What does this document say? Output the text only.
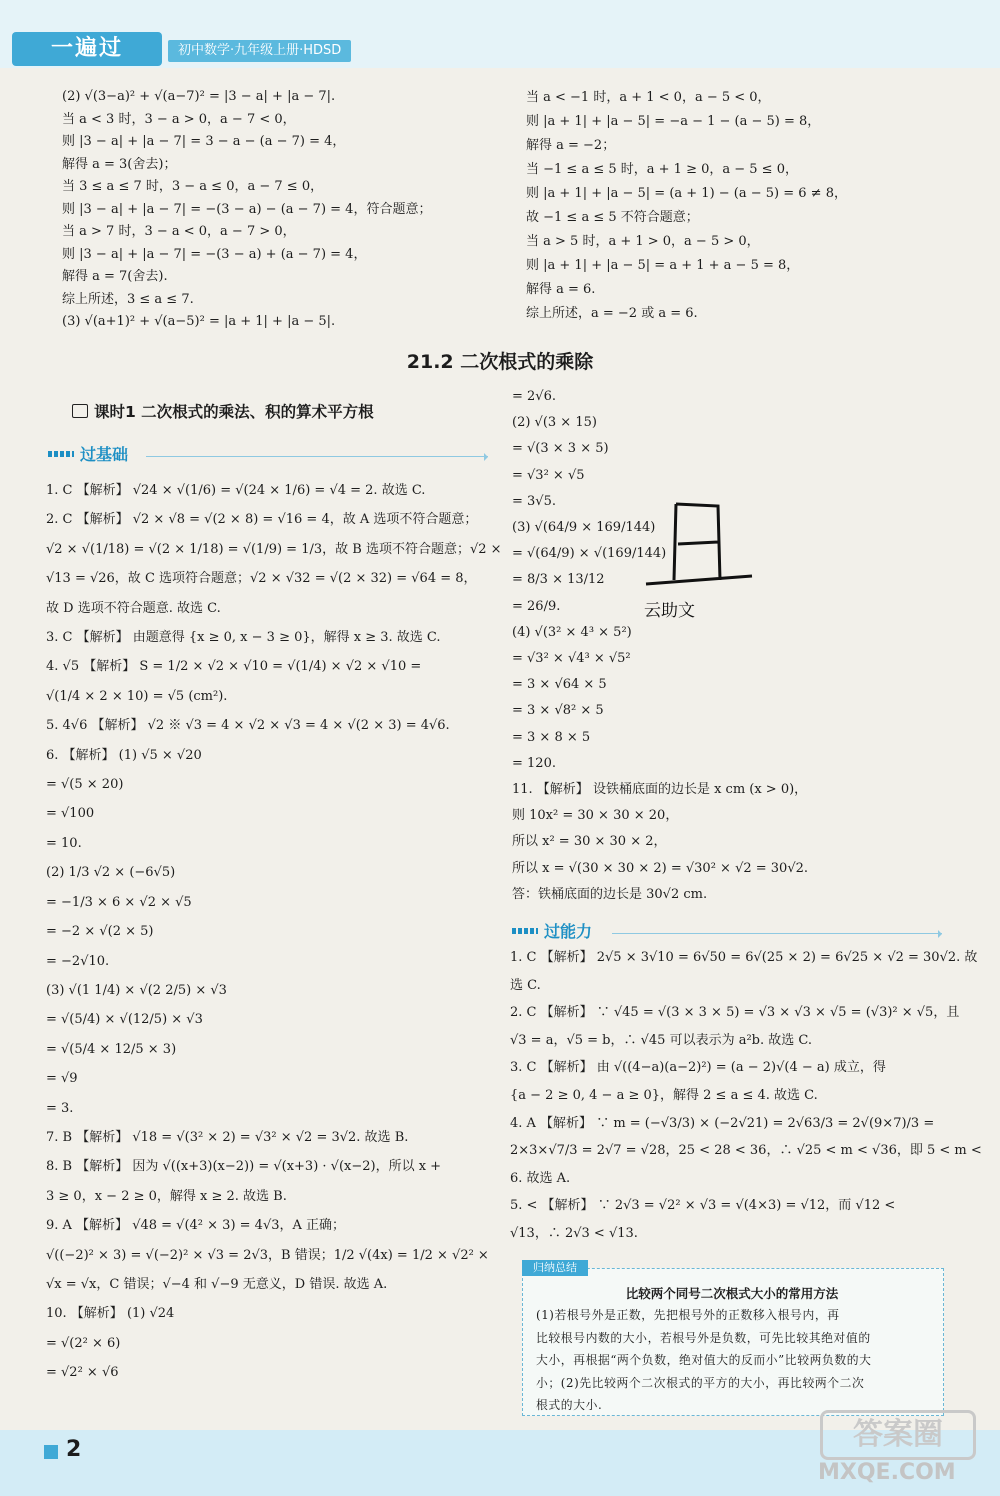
一遍过	初中数学·九年级上册·HDSD
(2) √(3−a)² + √(a−7)² = |3 − a| + |a − 7|.
当 a < 3 时，3 − a > 0，a − 7 < 0，
则 |3 − a| + |a − 7| = 3 − a − (a − 7) = 4，
解得 a = 3(舍去)；
当 3 ≤ a ≤ 7 时，3 − a ≤ 0，a − 7 ≤ 0，
则 |3 − a| + |a − 7| = −(3 − a) − (a − 7) = 4，符合题意；
当 a > 7 时，3 − a < 0，a − 7 > 0，
则 |3 − a| + |a − 7| = −(3 − a) + (a − 7) = 4，
解得 a = 7(舍去).
综上所述，3 ≤ a ≤ 7.
(3) √(a+1)² + √(a−5)² = |a + 1| + |a − 5|.
当 a < −1 时，a + 1 < 0，a − 5 < 0，
则 |a + 1| + |a − 5| = −a − 1 − (a − 5) = 8，
解得 a = −2；
当 −1 ≤ a ≤ 5 时，a + 1 ≥ 0，a − 5 ≤ 0，
则 |a + 1| + |a − 5| = (a + 1) − (a − 5) = 6 ≠ 8，
故 −1 ≤ a ≤ 5 不符合题意；
当 a > 5 时，a + 1 > 0，a − 5 > 0，
则 |a + 1| + |a − 5| = a + 1 + a − 5 = 8，
解得 a = 6.
综上所述，a = −2 或 a = 6.
21.2 二次根式的乘除
课时1 二次根式的乘法、积的算术平方根
过基础
1. C 【解析】 √24 × √(1/6) = √(24 × 1/6) = √4 = 2. 故选 C.
2. C 【解析】 √2 × √8 = √(2 × 8) = √16 = 4，故 A 选项不符合题意；
√2 × √(1/18) = √(2 × 1/18) = √(1/9) = 1/3，故 B 选项不符合题意；√2 ×
√13 = √26，故 C 选项符合题意；√2 × √32 = √(2 × 32) = √64 = 8，
故 D 选项不符合题意. 故选 C.
3. C 【解析】 由题意得 {x ≥ 0, x − 3 ≥ 0}，解得 x ≥ 3. 故选 C.
4. √5 【解析】 S = 1/2 × √2 × √10 = √(1/4) × √2 × √10 =
√(1/4 × 2 × 10) = √5 (cm²).
5. 4√6 【解析】 √2 ※ √3 = 4 × √2 × √3 = 4 × √(2 × 3) = 4√6.
6. 【解析】 (1) √5 × √20
= √(5 × 20)
= √100
= 10.
(2) 1/3 √2 × (−6√5)
= −1/3 × 6 × √2 × √5
= −2 × √(2 × 5)
= −2√10.
(3) √(1 1/4) × √(2 2/5) × √3
= √(5/4) × √(12/5) × √3
= √(5/4 × 12/5 × 3)
= √9
= 3.
7. B 【解析】 √18 = √(3² × 2) = √3² × √2 = 3√2. 故选 B.
8. B 【解析】 因为 √((x+3)(x−2)) = √(x+3) · √(x−2)，所以 x +
3 ≥ 0，x − 2 ≥ 0，解得 x ≥ 2. 故选 B.
9. A 【解析】 √48 = √(4² × 3) = 4√3，A 正确；
√((−2)² × 3) = √(−2)² × √3 = 2√3，B 错误；1/2 √(4x) = 1/2 × √2² ×
√x = √x，C 错误；√−4 和 √−9 无意义，D 错误. 故选 A.
10. 【解析】 (1) √24
= √(2² × 6)
= √2² × √6
= 2√6.
(2) √(3 × 15)
= √(3 × 3 × 5)
= √3² × √5
= 3√5.
(3) √(64/9 × 169/144)
= √(64/9) × √(169/144)
= 8/3 × 13/12
= 26/9.
(4) √(3² × 4³ × 5²)
= √3² × √4³ × √5²
= 3 × √64 × 5
= 3 × √8² × 5
= 3 × 8 × 5
= 120.
11. 【解析】 设铁桶底面的边长是 x cm (x > 0)，
则 10x² = 30 × 30 × 20，
所以 x² = 30 × 30 × 2，
所以 x = √(30 × 30 × 2) = √30² × √2 = 30√2.
答：铁桶底面的边长是 30√2 cm.
云助文
过能力
1. C 【解析】 2√5 × 3√10 = 6√50 = 6√(25 × 2) = 6√25 × √2 = 30√2. 故
选 C.
2. C 【解析】 ∵ √45 = √(3 × 3 × 5) = √3 × √3 × √5 = (√3)² × √5，且
√3 = a，√5 = b，∴ √45 可以表示为 a²b. 故选 C.
3. C 【解析】 由 √((4−a)(a−2)²) = (a − 2)√(4 − a) 成立，得
{a − 2 ≥ 0, 4 − a ≥ 0}，解得 2 ≤ a ≤ 4. 故选 C.
4. A 【解析】 ∵ m = (−√3/3) × (−2√21) = 2√63/3 = 2√(9×7)/3 =
2×3×√7/3 = 2√7 = √28，25 < 28 < 36，∴ √25 < m < √36，即 5 < m <
6. 故选 A.
5. < 【解析】 ∵ 2√3 = √2² × √3 = √(4×3) = √12，而 √12 <
√13，∴ 2√3 < √13.
归纳总结
比较两个同号二次根式大小的常用方法
(1)若根号外是正数，先把根号外的正数移入根号内，再
比较根号内数的大小，若根号外是负数，可先比较其绝对值的
大小，再根据“两个负数，绝对值大的反而小”比较两负数的大
小；(2)先比较两个二次根式的平方的大小，再比较两个二次
根式的大小.
2	答案圈
MXQE.COM
